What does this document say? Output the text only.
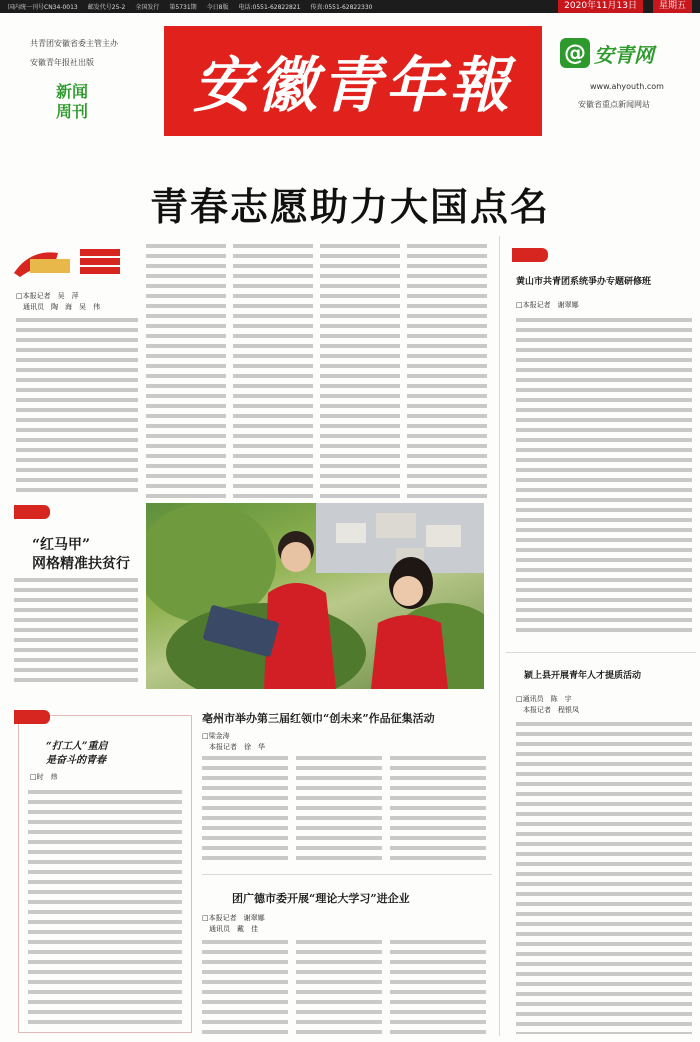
国内统一刊号CN34-0013 邮发代号25-2 全国发行 第5731期 今日8版 电话:0551-62822821 传真:0551-62822330	2020年11月13日	星期五
共青团安徽省委主管主办
安徽青年报社出版
新闻
周刊	安徽青年報	@ 安青网
www.ahyouth.com
安徽省重点新闻网站
青春志愿助力大国点名
□本报记者　吴　萍
　通讯员　陶　海　吴　伟
“红马甲”
网格精准扶贫行
“打工人”重启
是奋斗的青春
□时　炜
亳州市举办第三届红领巾“创未来”作品征集活动
□梁金涛
　本报记者　徐　华
团广德市委开展“理论大学习”进企业
□本报记者　谢翠娜
　通讯员　戴　佳
黄山市共青团系统爭办专题研修班
□本报记者　谢翠娜
颍上县开展青年人才提质活动
□通讯员　陈　宇
　本报记者　程银凤
